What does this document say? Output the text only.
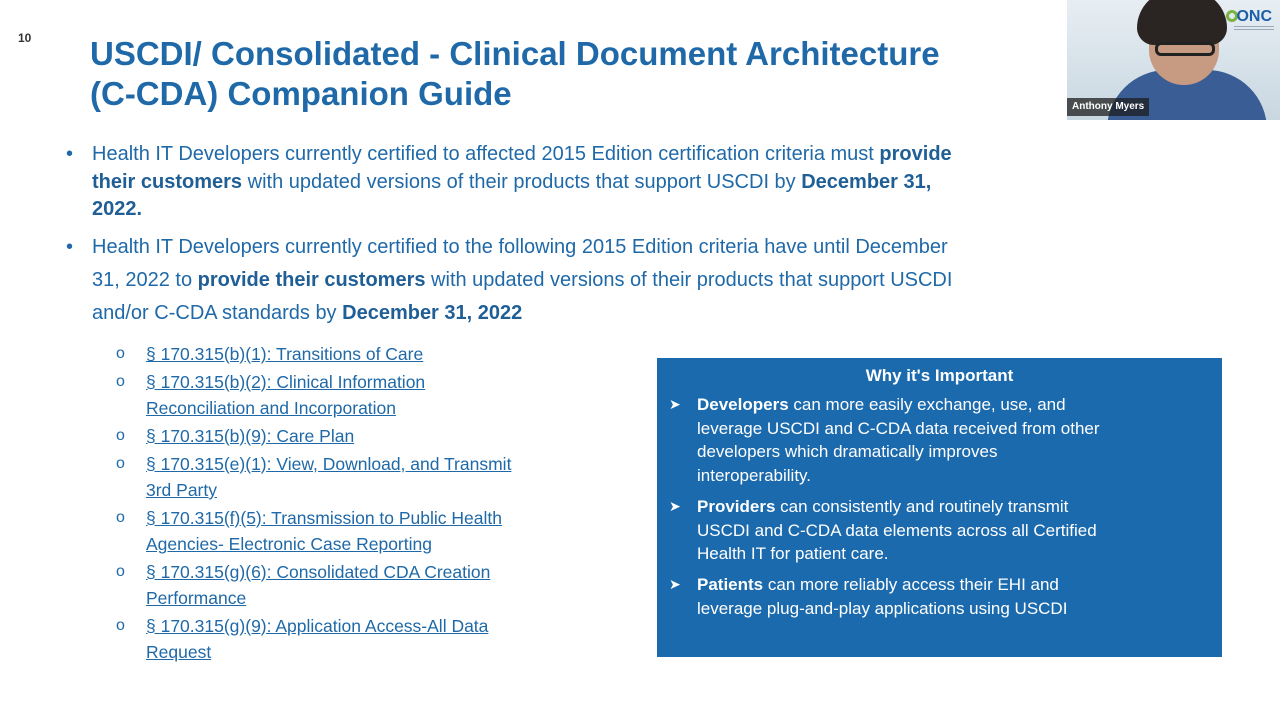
10 USCDI/ Consolidated - Clinical Document Architecture
(C-CDA) Companion Guide
• Health IT Developers currently certified to affected 2015 Edition certification criteria must provide their customers with updated versions of their products that support USCDI by December 31, 2022.
• Health IT Developers currently certified to the following 2015 Edition criteria have until December 31, 2022 to provide their customers with updated versions of their products that support USCDI and/or C-CDA standards by December 31, 2022
o § 170.315(b)(1): Transitions of Care
o § 170.315(b)(2): Clinical Information Reconciliation and Incorporation
o § 170.315(b)(9): Care Plan
o § 170.315(e)(1): View, Download, and Transmit 3rd Party
o § 170.315(f)(5): Transmission to Public Health Agencies- Electronic Case Reporting
o § 170.315(g)(6): Consolidated CDA Creation Performance
o § 170.315(g)(9): Application Access-All Data Request
Why it's Important
➤ Developers can more easily exchange, use, and leverage USCDI and C-CDA data received from other developers which dramatically improves interoperability.
➤ Providers can consistently and routinely transmit USCDI and C-CDA data elements across all Certified Health IT for patient care.
➤ Patients can more reliably access their EHI and leverage plug-and-play applications using USCDI
ONC
Anthony Myers
